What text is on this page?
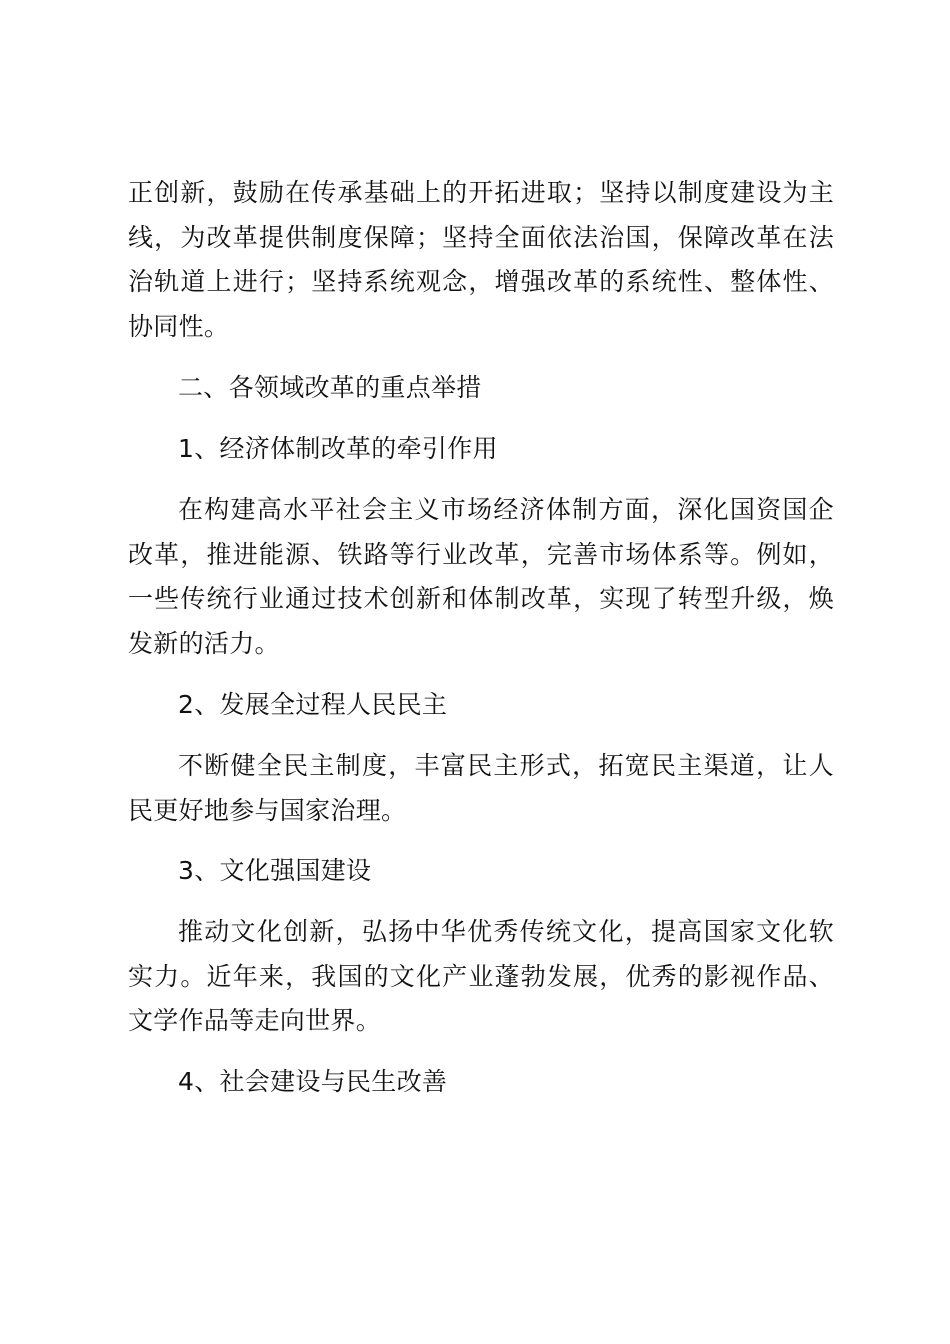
正创新，鼓励在传承基础上的开拓进取；坚持以制度建设为主线，为改革提供制度保障；坚持全面依法治国，保障改革在法治轨道上进行；坚持系统观念，增强改革的系统性、整体性、协同性。

二、各领域改革的重点举措

1、经济体制改革的牵引作用

在构建高水平社会主义市场经济体制方面，深化国资国企改革，推进能源、铁路等行业改革，完善市场体系等。例如，一些传统行业通过技术创新和体制改革，实现了转型升级，焕发新的活力。

2、发展全过程人民民主

不断健全民主制度，丰富民主形式，拓宽民主渠道，让人民更好地参与国家治理。

3、文化强国建设

推动文化创新，弘扬中华优秀传统文化，提高国家文化软实力。近年来，我国的文化产业蓬勃发展，优秀的影视作品、文学作品等走向世界。

4、社会建设与民生改善
